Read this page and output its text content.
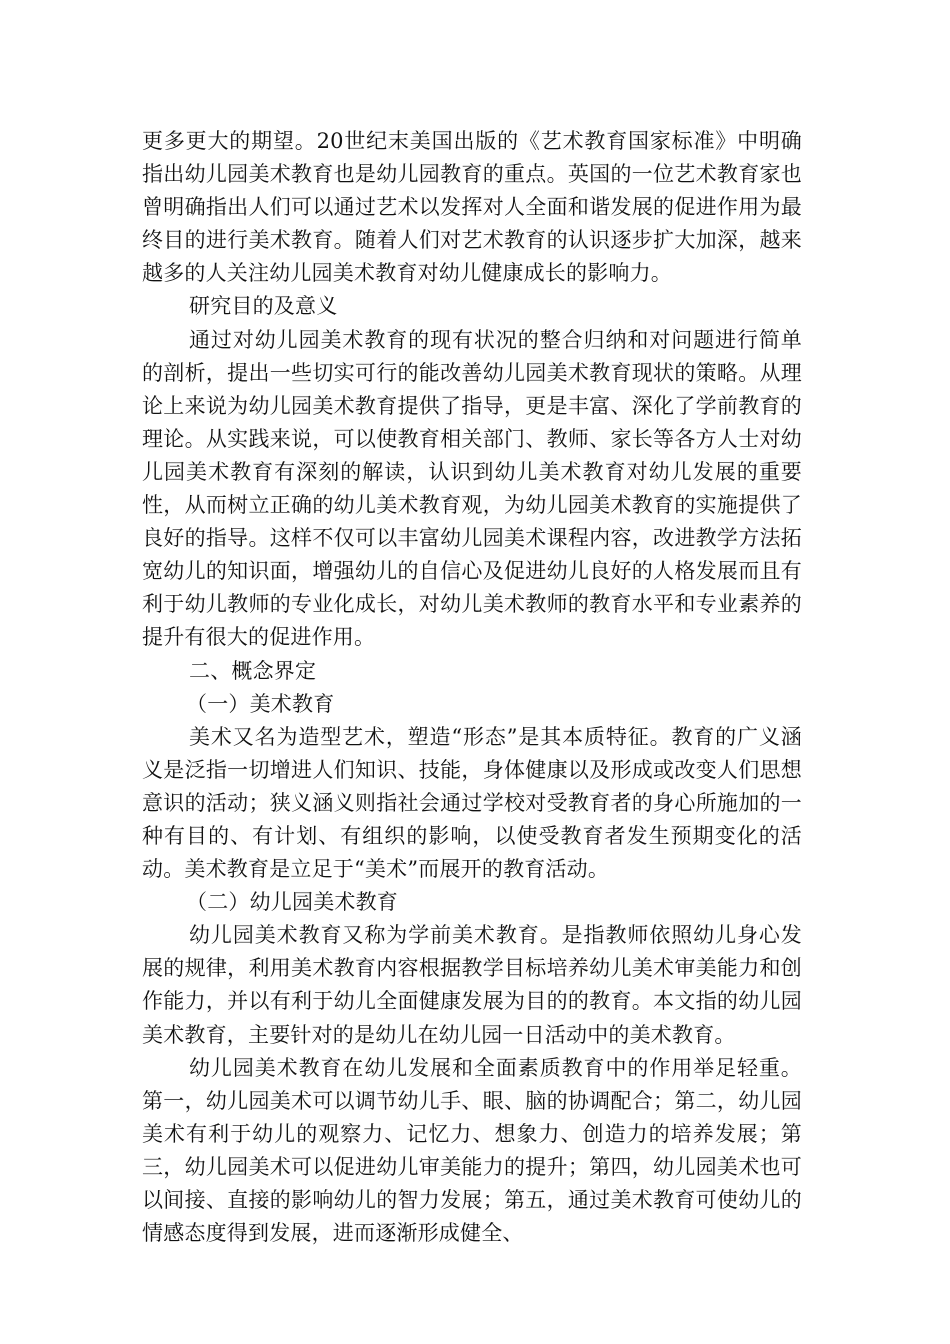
更多更大的期望。20世纪末美国出版的《艺术教育国家标准》中明确指出幼儿园美术教育也是幼儿园教育的重点。英国的一位艺术教育家也曾明确指出人们可以通过艺术以发挥对人全面和谐发展的促进作用为最终目的进行美术教育。随着人们对艺术教育的认识逐步扩大加深，越来越多的人关注幼儿园美术教育对幼儿健康成长的影响力。

研究目的及意义

通过对幼儿园美术教育的现有状况的整合归纳和对问题进行简单的剖析，提出一些切实可行的能改善幼儿园美术教育现状的策略。从理论上来说为幼儿园美术教育提供了指导，更是丰富、深化了学前教育的理论。从实践来说，可以使教育相关部门、教师、家长等各方人士对幼儿园美术教育有深刻的解读，认识到幼儿美术教育对幼儿发展的重要性，从而树立正确的幼儿美术教育观，为幼儿园美术教育的实施提供了良好的指导。这样不仅可以丰富幼儿园美术课程内容，改进教学方法拓宽幼儿的知识面，增强幼儿的自信心及促进幼儿良好的人格发展而且有利于幼儿教师的专业化成长，对幼儿美术教师的教育水平和专业素养的提升有很大的促进作用。

二、概念界定

（一）美术教育

美术又名为造型艺术，塑造“形态”是其本质特征。教育的广义涵义是泛指一切增进人们知识、技能，身体健康以及形成或改变人们思想意识的活动；狭义涵义则指社会通过学校对受教育者的身心所施加的一种有目的、有计划、有组织的影响，以使受教育者发生预期变化的活动。美术教育是立足于“美术”而展开的教育活动。

（二）幼儿园美术教育

幼儿园美术教育又称为学前美术教育。是指教师依照幼儿身心发展的规律，利用美术教育内容根据教学目标培养幼儿美术审美能力和创作能力，并以有利于幼儿全面健康发展为目的的教育。本文指的幼儿园美术教育，主要针对的是幼儿在幼儿园一日活动中的美术教育。

幼儿园美术教育在幼儿发展和全面素质教育中的作用举足轻重。第一，幼儿园美术可以调节幼儿手、眼、脑的协调配合；第二，幼儿园美术有利于幼儿的观察力、记忆力、想象力、创造力的培养发展；第三，幼儿园美术可以促进幼儿审美能力的提升；第四，幼儿园美术也可以间接、直接的影响幼儿的智力发展；第五，通过美术教育可使幼儿的情感态度得到发展，进而逐渐形成健全、
